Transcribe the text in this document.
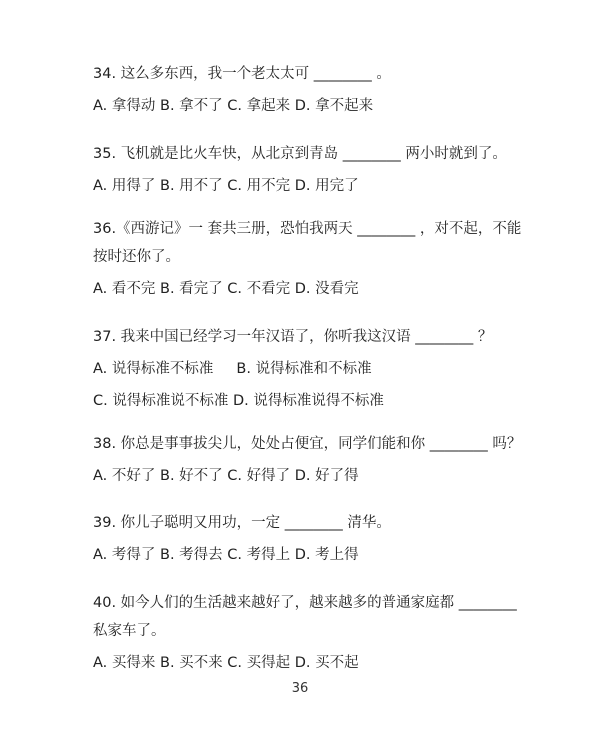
34. 这么多东西，我一个老太太可 ________ 。
A. 拿得动 B. 拿不了 C. 拿起来 D. 拿不起来
35. 飞机就是比火车快，从北京到青岛 ________ 两小时就到了。
A. 用得了 B. 用不了 C. 用不完 D. 用完了
36.《西游记》一 套共三册，恐怕我两天 ________ ，对不起，不能
按时还你了。
A. 看不完 B. 看完了 C. 不看完 D. 没看完
37. 我来中国已经学习一年汉语了，你听我这汉语 ________ ？
A. 说得标准不标准     B. 说得标准和不标准
C. 说得标准说不标准 D. 说得标准说得不标准
38. 你总是事事拔尖儿，处处占便宜，同学们能和你 ________ 吗？
A. 不好了 B. 好不了 C. 好得了 D. 好了得
39. 你儿子聪明又用功，一定 ________ 清华。
A. 考得了 B. 考得去 C. 考得上 D. 考上得
40. 如今人们的生活越来越好了，越来越多的普通家庭都 ________
私家车了。
A. 买得来 B. 买不来 C. 买得起 D. 买不起
36
